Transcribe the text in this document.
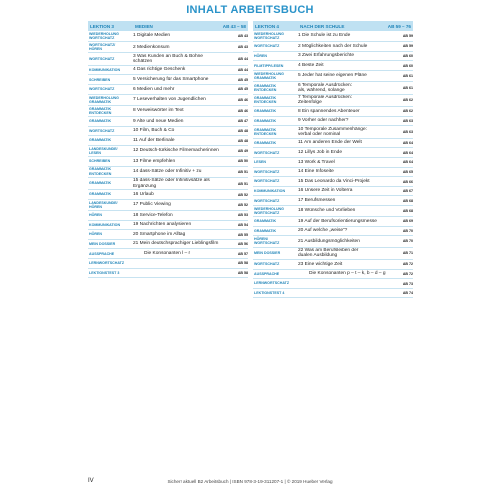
INHALT ARBEITSBUCH
LEKTION 3	MEDIEN	AB 43 – 58
WIEDERHOLUNG
WORTSCHATZ	1 Digitale Medien	AB 43
WORTSCHATZ/
HÖREN	2 Medienkonsum	AB 43
WORTSCHATZ
3 Was Kunden an Buch & Bohne
schätzen	AB 44
KOMMUNIKATION	4 Das richtige Geschenk	AB 44
SCHREIBEN	5 Versicherung für das Smartphone	AB 45
WORTSCHATZ	6 Medien und mehr	AB 45
WIEDERHOLUNG
GRAMMATIK	7 Leseverhalten von Jugendlichen	AB 46
GRAMMATIK
ENTDECKEN	8 Verweiswörter im Text	AB 46
GRAMMATIK	9 Alte und neue Medien	AB 47
WORTSCHATZ	10 Film, Buch & Co	AB 48
GRAMMATIK	11 Auf der Berlinale	AB 48
LANDESKUNDE/
LESEN	12 Deutsch-türkische Filmemacherinnen	AB 49
SCHREIBEN	13 Filme empfehlen	AB 50
GRAMMATIK
ENTDECKEN	14 dass-Sätze oder Infinitiv + zu	AB 51
GRAMMATIK
15 dass-Sätze oder Infinitivsätze als
Ergänzung	AB 51
GRAMMATIK	16 Urlaub	AB 52
LANDESKUNDE/
HÖREN	17 Public Viewing	AB 52
HÖREN	18 Service-Telefon	AB 53
KOMMUNIKATION	19 Nachrichten analysieren	AB 54
HÖREN	20 Smartphone im Alltag	AB 55
MEIN DOSSIER	21 Mein deutschsprachiger Lieblingsfilm	AB 56
AUSSPRACHE	Die Konsonanten l – r	AB 57
LERNWORTSCHATZ	AB 58
LEKTIONSTEST 3	AB 58
LEKTION 4	NACH DER SCHULE	AB 59 – 76
WIEDERHOLUNG
WORTSCHATZ	1 Die Schule ist zu Ende	AB 59
WORTSCHATZ	2 Möglichkeiten nach der Schule	AB 59
HÖREN	3 Zwei Erfahrungsberichte	AB 60
FILMTIPP/LESEN	4 Beste Zeit	AB 60
WIEDERHOLUNG
GRAMMATIK	5 Jeder hat seine eigenen Pläne	AB 61
GRAMMATIK
ENTDECKEN
6 Temporale Ausdrücken:
als, während, solange	AB 61
GRAMMATIK
ENTDECKEN
7 Temporale Ausdrücken:
Zeitenfolge	AB 62
GRAMMATIK	8 Ein spannendes Abenteuer	AB 62
GRAMMATIK	9 Vorher oder nachher?	AB 63
GRAMMATIK
ENTDECKEN
10 Temporale Zusammenhänge:
verbal oder nominal	AB 63
GRAMMATIK	11 Am anderen Ende der Welt	AB 64
WORTSCHATZ	12 Lillys Job in Ende	AB 64
LESEN	13 Work & Travel	AB 64
WORTSCHATZ	14 Eine Infoseite	AB 65
WORTSCHATZ	15 Das Leonardo da Vinci-Projekt	AB 66
KOMMUNIKATION	16 Unsere Zeit in Volterra	AB 67
WORTSCHATZ	17 Berufsmessen	AB 68
WIEDERHOLUNG
WORTSCHATZ	18 Wünsche und Vorlieben	AB 68
GRAMMATIK	19 Auf der Berufsorientierungsmesse	AB 69
GRAMMATIK	20 Auf welche „weise“?	AB 70
HÖREN/
WORTSCHATZ	21 Ausbildungsmöglichkeiten	AB 70
MEIN DOSSIER
22 Was am Berufsleiben der
dualen Ausbildung	AB 71
WORTSCHATZ	23 Eine wichtige Zeit	AB 72
AUSSPRACHE	Die Konsonanten p – t – k, b – d – g	AB 72
LERNWORTSCHATZ	AB 73
LEKTIONSTEST 4	AB 74
IV	Sicher! aktuell B2 Arbeitsbuch | ISBN 978-3-19-311207-1 | © 2019 Hueber Verlag
